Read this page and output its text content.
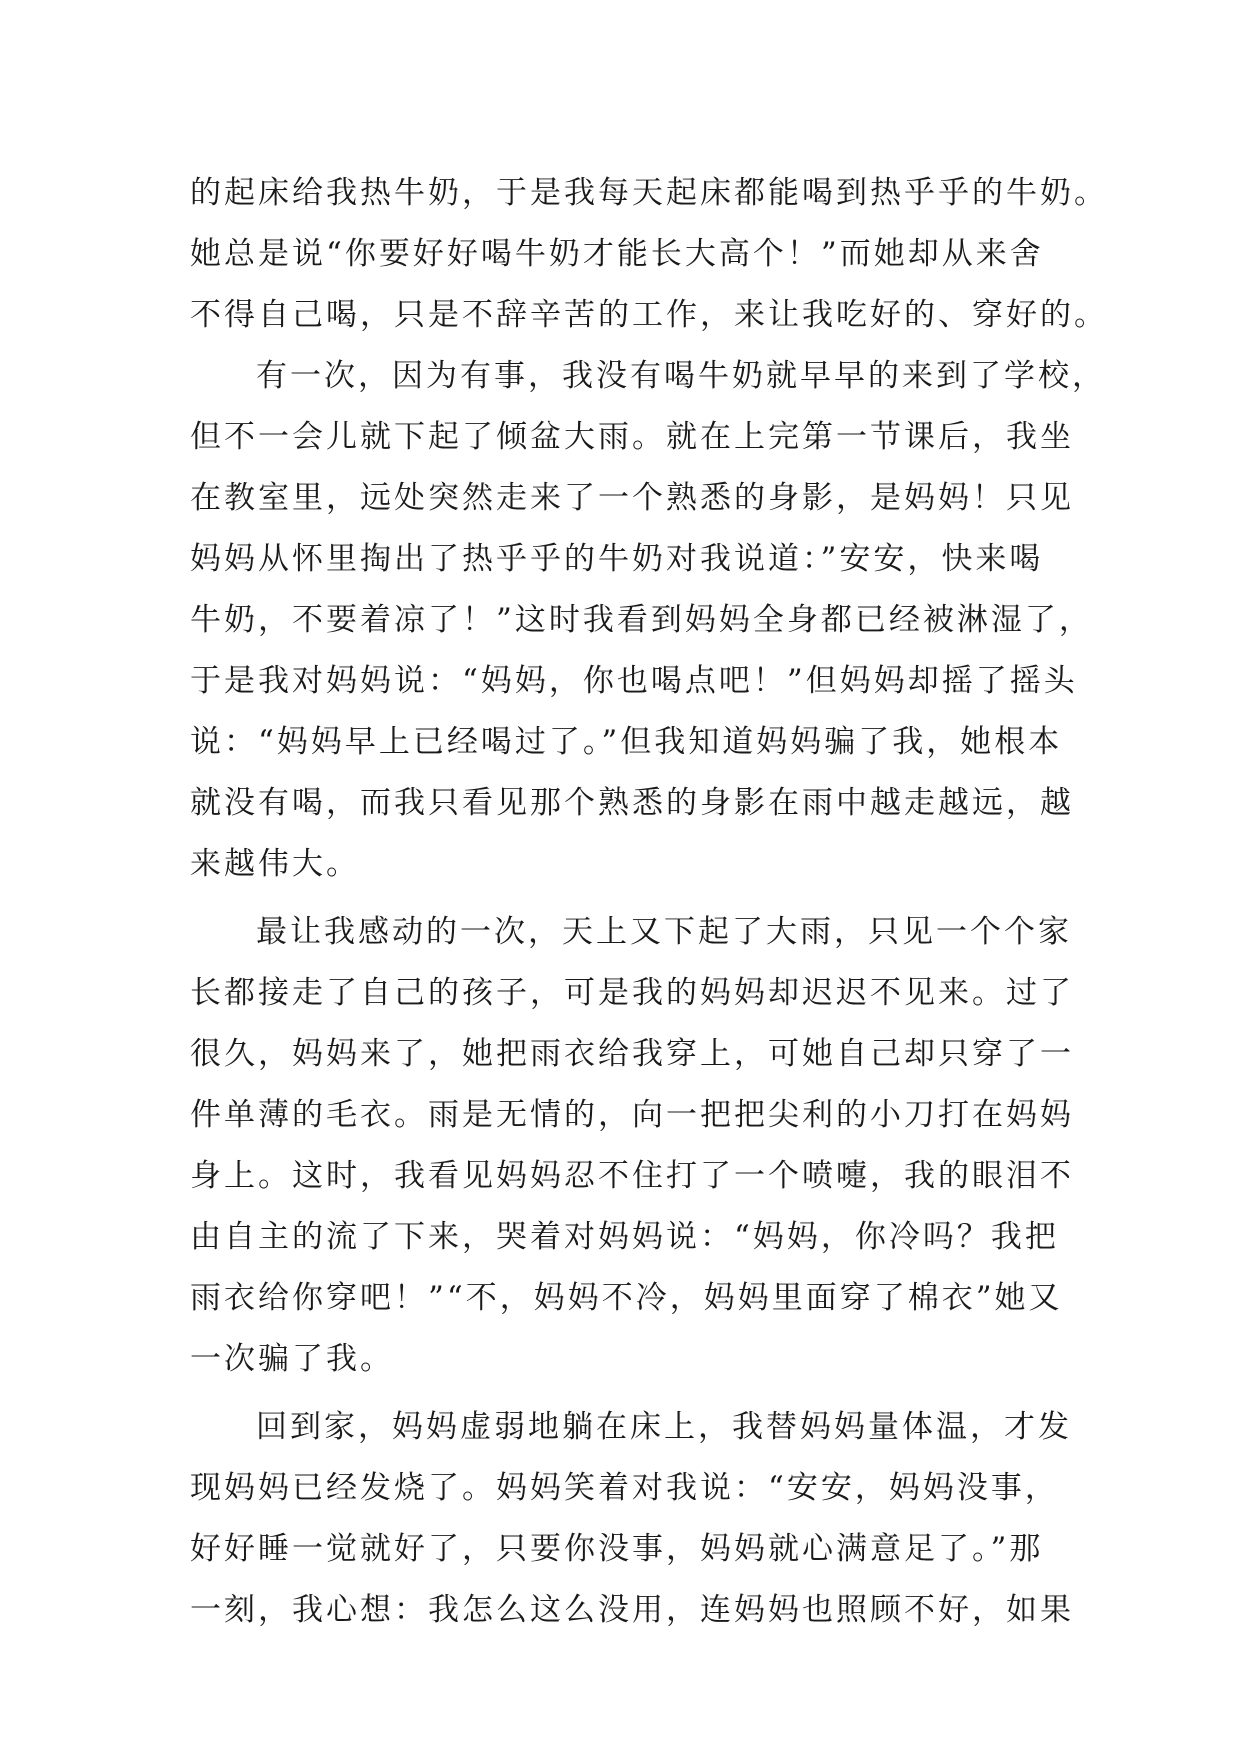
的起床给我热牛奶，于是我每天起床都能喝到热乎乎的牛奶。
她总是说“你要好好喝牛奶才能长大高个！”而她却从来舍
不得自己喝，只是不辞辛苦的工作，来让我吃好的、穿好的。
有一次，因为有事，我没有喝牛奶就早早的来到了学校，
但不一会儿就下起了倾盆大雨。就在上完第一节课后，我坐
在教室里，远处突然走来了一个熟悉的身影，是妈妈！只见
妈妈从怀里掏出了热乎乎的牛奶对我说道：”安安，快来喝
牛奶，不要着凉了！”这时我看到妈妈全身都已经被淋湿了，
于是我对妈妈说：“妈妈，你也喝点吧！”但妈妈却摇了摇头
说：“妈妈早上已经喝过了。”但我知道妈妈骗了我，她根本
就没有喝，而我只看见那个熟悉的身影在雨中越走越远，越
来越伟大。
最让我感动的一次，天上又下起了大雨，只见一个个家
长都接走了自己的孩子，可是我的妈妈却迟迟不见来。过了
很久，妈妈来了，她把雨衣给我穿上，可她自己却只穿了一
件单薄的毛衣。雨是无情的，向一把把尖利的小刀打在妈妈
身上。这时，我看见妈妈忍不住打了一个喷嚏，我的眼泪不
由自主的流了下来，哭着对妈妈说：“妈妈，你冷吗？我把
雨衣给你穿吧！”“不，妈妈不冷，妈妈里面穿了棉衣”她又
一次骗了我。
回到家，妈妈虚弱地躺在床上，我替妈妈量体温，才发
现妈妈已经发烧了。妈妈笑着对我说：“安安，妈妈没事，
好好睡一觉就好了，只要你没事，妈妈就心满意足了。”那
一刻，我心想：我怎么这么没用，连妈妈也照顾不好，如果
